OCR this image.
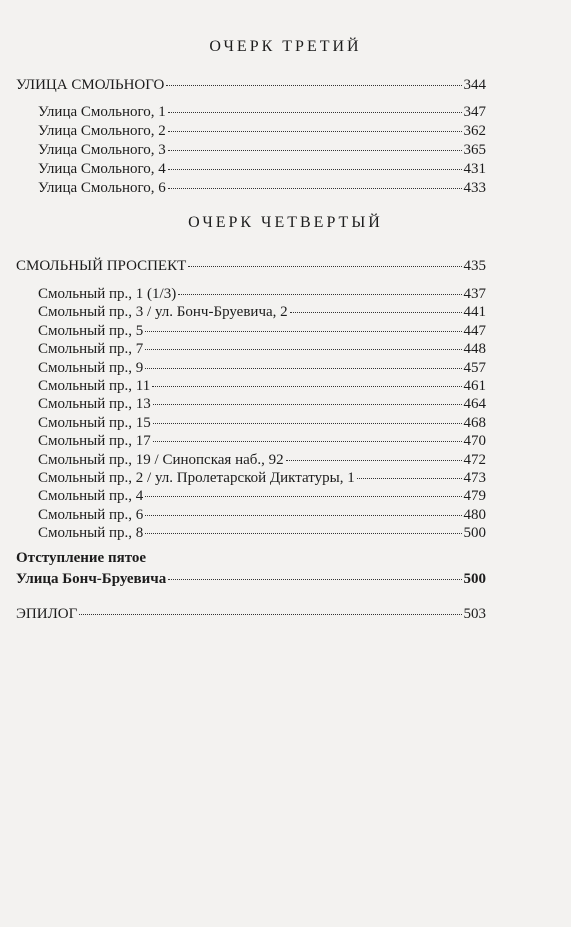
ОЧЕРК ТРЕТИЙ
УЛИЦА СМОЛЬНОГО	344
Улица Смольного, 1	347
Улица Смольного, 2	362
Улица Смольного, 3	365
Улица Смольного, 4	431
Улица Смольного, 6	433
ОЧЕРК ЧЕТВЕРТЫЙ
СМОЛЬНЫЙ ПРОСПЕКТ	435
Смольный пр., 1 (1/3)	437
Смольный пр., 3 / ул. Бонч-Бруевича, 2	441
Смольный пр., 5	447
Смольный пр., 7	448
Смольный пр., 9	457
Смольный пр., 11	461
Смольный пр., 13	464
Смольный пр., 15	468
Смольный пр., 17	470
Смольный пр., 19 / Синопская наб., 92	472
Смольный пр., 2 / ул. Пролетарской Диктатуры, 1	473
Смольный пр., 4	479
Смольный пр., 6	480
Смольный пр., 8	500
Отступление пятое
Улица Бонч-Бруевича	500
ЭПИЛОГ	503
